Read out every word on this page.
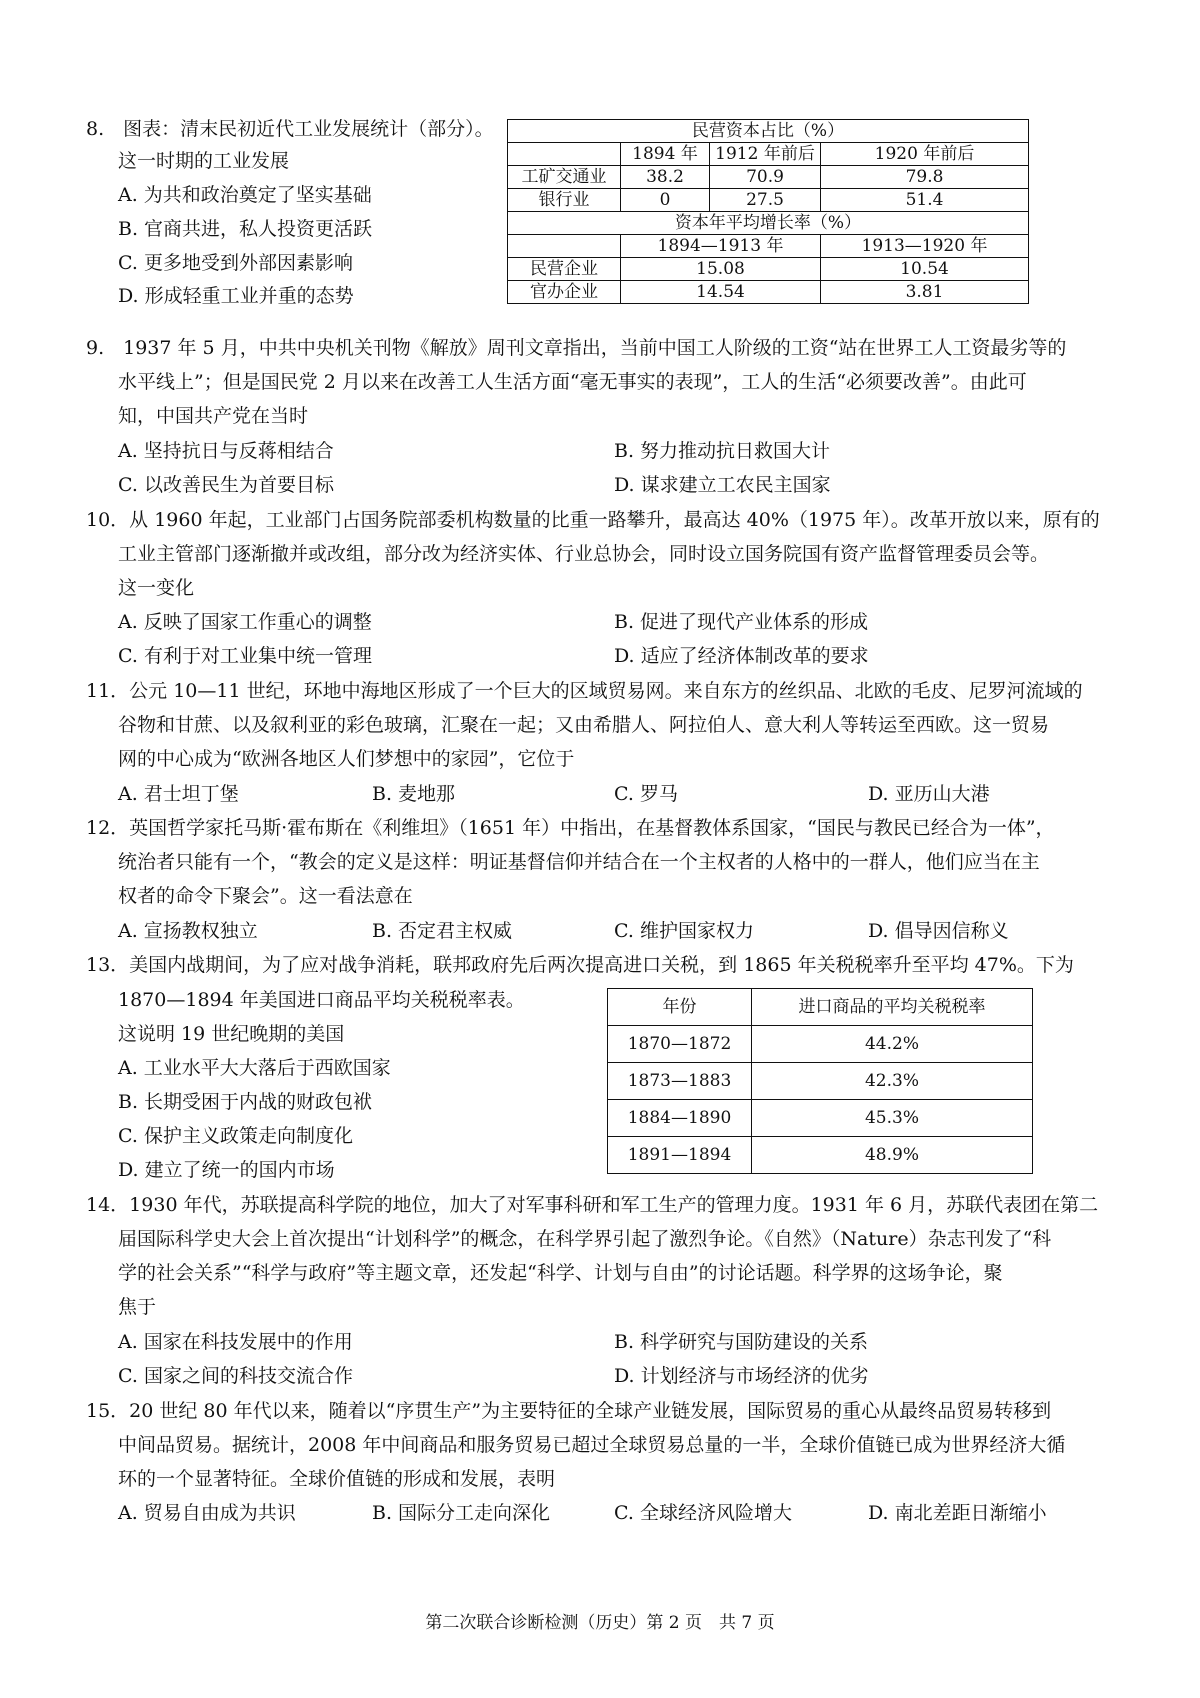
8.　图表：清末民初近代工业发展统计（部分）。
这一时期的工业发展
A. 为共和政治奠定了坚实基础
B. 官商共进，私人投资更活跃
C. 更多地受到外部因素影响
D. 形成轻重工业并重的态势
民营资本占比（%）			
	1894 年	1912 年前后	1920 年前后
工矿交通业	38.2	70.9	79.8
银行业	0	27.5	51.4
资本年平均增长率（%）			
	1894—1913 年		1913—1920 年
民营企业	15.08		10.54
官办企业	14.54		3.81
9.　1937 年 5 月，中共中央机关刊物《解放》周刊文章指出，当前中国工人阶级的工资“站在世界工人工资最劣等的
水平线上”；但是国民党 2 月以来在改善工人生活方面“毫无事实的表现”，工人的生活“必须要改善”。由此可
知，中国共产党在当时
A. 坚持抗日与反蒋相结合	B. 努力推动抗日救国大计
C. 以改善民生为首要目标	D. 谋求建立工农民主国家
10．从 1960 年起，工业部门占国务院部委机构数量的比重一路攀升，最高达 40%（1975 年）。改革开放以来，原有的
工业主管部门逐渐撤并或改组，部分改为经济实体、行业总协会，同时设立国务院国有资产监督管理委员会等。
这一变化
A. 反映了国家工作重心的调整	B. 促进了现代产业体系的形成
C. 有利于对工业集中统一管理	D. 适应了经济体制改革的要求
11．公元 10—11 世纪，环地中海地区形成了一个巨大的区域贸易网。来自东方的丝织品、北欧的毛皮、尼罗河流域的
谷物和甘蔗、以及叙利亚的彩色玻璃，汇聚在一起；又由希腊人、阿拉伯人、意大利人等转运至西欧。这一贸易
网的中心成为“欧洲各地区人们梦想中的家园”，它位于
A. 君士坦丁堡	B. 麦地那	C. 罗马	D. 亚历山大港
12．英国哲学家托马斯·霍布斯在《利维坦》（1651 年）中指出，在基督教体系国家，“国民与教民已经合为一体”，
统治者只能有一个，“教会的定义是这样：明证基督信仰并结合在一个主权者的人格中的一群人，他们应当在主
权者的命令下聚会”。这一看法意在
A. 宣扬教权独立	B. 否定君主权威	C. 维护国家权力	D. 倡导因信称义
13．美国内战期间，为了应对战争消耗，联邦政府先后两次提高进口关税，到 1865 年关税税率升至平均 47%。下为
1870—1894 年美国进口商品平均关税税率表。
这说明 19 世纪晚期的美国
A. 工业水平大大落后于西欧国家
B. 长期受困于内战的财政包袱
C. 保护主义政策走向制度化
D. 建立了统一的国内市场
年份	进口商品的平均关税税率
1870—1872	44.2%
1873—1883	42.3%
1884—1890	45.3%
1891—1894	48.9%
14．1930 年代，苏联提高科学院的地位，加大了对军事科研和军工生产的管理力度。1931 年 6 月，苏联代表团在第二
届国际科学史大会上首次提出“计划科学”的概念，在科学界引起了激烈争论。《自然》（Nature）杂志刊发了“科
学的社会关系”“科学与政府”等主题文章，还发起“科学、计划与自由”的讨论话题。科学界的这场争论，聚
焦于
A. 国家在科技发展中的作用	B. 科学研究与国防建设的关系
C. 国家之间的科技交流合作	D. 计划经济与市场经济的优劣
15．20 世纪 80 年代以来，随着以“序贯生产”为主要特征的全球产业链发展，国际贸易的重心从最终品贸易转移到
中间品贸易。据统计，2008 年中间商品和服务贸易已超过全球贸易总量的一半，全球价值链已成为世界经济大循
环的一个显著特征。全球价值链的形成和发展，表明
A. 贸易自由成为共识	B. 国际分工走向深化	C. 全球经济风险增大	D. 南北差距日渐缩小
第二次联合诊断检测（历史）第 2 页　共 7 页
